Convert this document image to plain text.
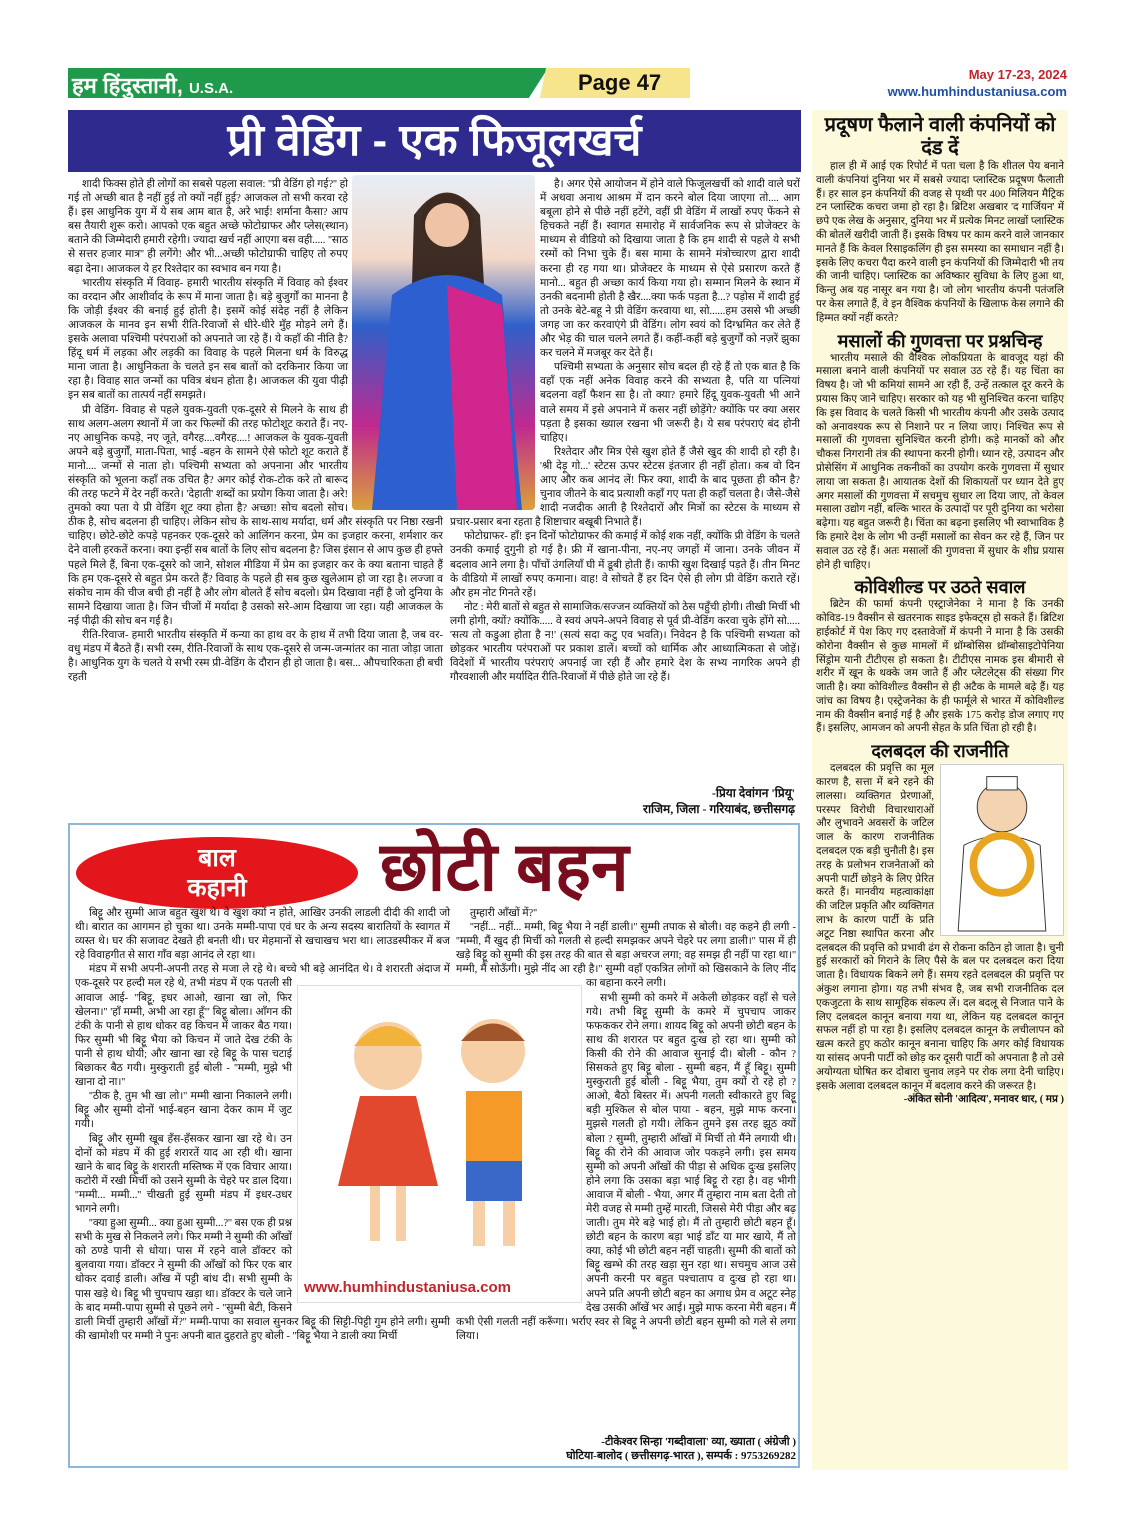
हम हिंदुस्तानी, U.S.A.	Page 47	May 17-23, 2024
www.humhindustaniusa.com
प्री वेडिंग - एक फिजूलखर्च

शादी फिक्स होते ही लोगों का सबसे पहला सवाल: ''प्री वेडिंग हो गई?'' हो गई तो अच्छी बात है नहीं हुई तो क्यों नहीं हुई? आजकल तो सभी करवा रहे हैं। इस आधुनिक युग में ये सब आम बात है, अरे भाई! शर्माना कैसा? आप बस तैयारी शुरू करो। आपको एक बहुत अच्छे फोटोग्राफर और प्लेस(स्थान) बताने की जिम्मेदारी हमारी रहेगी। ज्यादा खर्च नहीं आएगा बस वही..... ''साठ से सत्तर हजार मात्र'' ही लगेंगे! और भी...अच्छी फोटोग्राफी चाहिए तो रुपए बढ़ा देना। आजकल ये हर रिश्तेदार का स्वभाव बन गया है।

भारतीय संस्कृति में विवाह- हमारी भारतीय संस्कृति में विवाह को ईश्वर का वरदान और आशीर्वाद के रूप में माना जाता है। बड़े बुजुर्गों का मानना है कि जोड़ी ईश्वर की बनाई हुई होती है। इसमें कोई संदेह नहीं है लेकिन आजकल के मानव इन सभी रीति-रिवाजों से धीरे-धीरे मुँह मोड़ने लगे हैं। इसके अलावा पश्चिमी परंपराओं को अपनाते जा रहे हैं। ये कहाँ की नीति है? हिंदू धर्म में लड़का और लड़की का विवाह के पहले मिलना धर्म के विरुद्ध माना जाता है। आधुनिकता के चलते इन सब बातों को दरकिनार किया जा रहा है। विवाह सात जन्मों का पवित्र बंधन होता है। आजकल की युवा पीढ़ी इन सब बातों का तात्पर्य नहीं समझते।

प्री वेडिंग- विवाह से पहले युवक-युवती एक-दूसरे से मिलने के साथ ही साथ अलग-अलग स्थानों में जा कर फिल्मों की तरह फोटोशूट कराते हैं। नए-नए आधुनिक कपड़े, नए जूते, वगैरह....वगैरह....! आजकल के युवक-युवती अपने बड़े बुजुर्गों, माता-पिता, भाई -बहन के सामने ऐसे फोटो शूट कराते हैं मानो.... जन्मों से नाता हो। पश्चिमी सभ्यता को अपनाना और भारतीय संस्कृति को भूलना कहाँ तक उचित है? अगर कोई रोक-टोक करे तो बारूद की तरह फटने में देर नहीं करते। 'देहाती' शब्दों का प्रयोग किया जाता है। अरे! तुमको क्या पता ये प्री वेडिंग शूट क्या होता है? अच्छा! सोच बदलो सोच। ठीक है, सोच बदलना ही चाहिए। लेकिन सोच के साथ-साथ मर्यादा, धर्म और संस्कृति पर निष्ठा रखनी चाहिए। छोटे-छोटे कपड़े पहनकर एक-दूसरे को आलिंगन करना, प्रेम का इजहार करना, शर्मशार कर देने वाली हरकतें करना। क्या इन्हीं सब बातों के लिए सोच बदलना है? जिस इंसान से आप कुछ ही हफ्ते पहले मिले हैं, बिना एक-दूसरे को जाने, सोशल मीडिया में प्रेम का इजहार कर के क्या बताना चाहते हैं कि हम एक-दूसरे से बहुत प्रेम करते हैं? विवाह के पहले ही सब कुछ खुलेआम हो जा रहा है। लज्जा व संकोच नाम की चीज बची ही नहीं है और लोग बोलते हैं सोच बदलो। प्रेम दिखावा नहीं है जो दुनिया के सामने दिखाया जाता है। जिन चीजों में मर्यादा है उसको सरे-आम दिखाया जा रहा। यही आजकल के नई पीढ़ी की सोच बन गई है।

रीति-रिवाज- हमारी भारतीय संस्कृति में कन्या का हाथ वर के हाथ में तभी दिया जाता है, जब वर-वधु मंडप में बैठते हैं। सभी रस्म, रीति-रिवाजों के साथ एक-दूसरे से जन्म-जन्मांतर का नाता जोड़ा जाता है। आधुनिक युग के चलते ये सभी रस्म प्री-वेडिंग के दौरान ही हो जाता है। बस... औपचारिकता ही बची रहती

है। अगर ऐसे आयोजन में होने वाले फिजूलखर्ची को शादी वाले घरों में अथवा अनाथ आश्रम में दान करने बोल दिया जाएगा तो.... आग बबूला होने से पीछे नहीं हटेंगे, वहीं प्री वेडिंग में लाखों रुपए फेंकने से हिचकते नहीं हैं। स्वागत समारोह में सार्वजनिक रूप से प्रोजेक्टर के माध्यम से वीडियो को दिखाया जाता है कि हम शादी से पहले ये सभी रस्मों को निभा चुके हैं। बस मामा के सामने मंत्रोच्चारण द्वारा शादी करना ही रह गया था। प्रोजेक्टर के माध्यम से ऐसे प्रसारण करते हैं मानो... बहुत ही अच्छा कार्य किया गया हो। सम्मान मिलने के स्थान में उनकी बदनामी होती है खैर....क्या फर्क पड़ता है...? पड़ोस में शादी हुई तो उनके बेटे-बहू ने प्री वेडिंग करवाया था, सो......हम उससे भी अच्छी जगह जा कर करवाएंगे प्री वेडिंग। लोग स्वयं को दिग्भ्रमित कर लेते हैं और भेड़ की चाल चलने लगते हैं। कहीं-कहीं बड़े बुजुर्गों को नज़रें झुका कर चलने में मजबूर कर देते हैं।

पश्चिमी सभ्यता के अनुसार सोच बदल ही रहे हैं तो एक बात है कि वहाँ एक नहीं अनेक विवाह करने की सभ्यता है, पति या पत्नियां बदलना वहाँ फैशन सा है। तो क्या? हमारे हिंदू युवक-युवती भी आने वाले समय में इसे अपनाने में कसर नहीं छोड़ेंगे? क्योंकि पर क्या असर पड़ता है इसका ख्याल रखना भी जरूरी है। ये सब परंपराएं बंद होनी चाहिए।

रिश्तेदार और मित्र ऐसे खुश होते हैं जैसे खुद की शादी हो रही है। 'श्री देड़ू गो...' स्टेटस ऊपर स्टेटस इंतजार ही नहीं होता। कब वो दिन आए और कब आनंद लें! फिर क्या, शादी के बाद पूछता ही कौन है? चुनाव जीतने के बाद प्रत्याशी कहाँ गए पता ही कहाँ चलता है। जैसे-जैसे शादी नजदीक आती है रिश्तेदारों और मित्रों का स्टेटस के माध्यम से प्रचार-प्रसार बना रहता है शिष्टाचार बखूबी निभाते हैं।

फोटोग्राफर- हाँ! इन दिनों फोटोग्राफर की कमाई में कोई शक नहीं, क्योंकि प्री वेडिंग के चलते उनकी कमाई दुगुनी हो गई है। फ्री में खाना-पीना, नए-नए जगहों में जाना। उनके जीवन में बदलाव आने लगा है। पाँचों उंगलियाँ घी में डूबी होती हैं। काफी खुश दिखाई पड़ते हैं। तीन मिनट के वीडियो में लाखों रुपए कमाना। वाह! वे सोचते हैं हर दिन ऐसे ही लोग प्री वेडिंग कराते रहें। और हम नोट गिनते रहें।

नोट : मेरी बातों से बहुत से सामाजिक/सज्जन व्यक्तियों को ठेस पहुँची होगी। तीखी मिर्ची भी लगी होगी, क्यों? क्योंकि..... वे स्वयं अपने-अपने विवाह से पूर्व प्री-वेडिंग करवा चुके होंगे सो..... 'सत्य तो कडुआ होता है न!' (सत्यं सदा कटु एव भवति)। निवेदन है कि पश्चिमी सभ्यता को छोड़कर भारतीय परंपराओं पर प्रकाश डालें। बच्चों को धार्मिक और आध्यात्मिकता से जोड़ें। विदेशों में भारतीय परंपराएं अपनाई जा रही हैं और हमारे देश के सभ्य नागरिक अपने ही गौरवशाली और मर्यादित रीति-रिवाजों में पीछे होते जा रहे हैं।

-प्रिया देवांगन 'प्रियू'
राजिम, जिला - गरियाबंद, छत्तीसगढ़
बाल
कहानी	छोटी बहन
www.humhindustaniusa.com

बिट्टू और सुम्मी आज बहुत खुश थे। वे खुश क्यों न होते, आखिर उनकी लाडली दीदी की शादी जो थी। बारात का आगमन हो चुका था। उनके मम्मी-पापा एवं घर के अन्य सदस्य बारातियों के स्वागत में व्यस्त थे। घर की सजावट देखते ही बनती थी। घर मेहमानों से खचाखच भरा था। लाउडस्पीकर में बज रहे विवाहगीत से सारा गाँव बड़ा आनंद ले रहा था।

मंडप में सभी अपनी-अपनी तरह से मजा ले रहे थे। बच्चे भी बड़े आनंदित थे। वे शरारती अंदाज में एक-दूसरे पर हल्दी मल रहे थे, तभी मंडप में एक पतली सी आवाज आई- ''बिट्टू, इधर आओ, खाना खा लो, फिर खेलना।'' 'हाँ मम्मी, अभी आ रहा हूँ''' बिट्टू बोला। आँगन की टंकी के पानी से हाथ धोकर वह किचन में जाकर बैठ गया। फिर सुम्मी भी बिट्टू भैया को किचन में जाते देख टंकी के पानी से हाथ धोयी; और खाना खा रहे बिट्टू के पास चटाई बिछाकर बैठ गयी। मुस्कुराती हुई बोली - ''मम्मी, मुझे भी खाना दो ना।''

''ठीक है, तुम भी खा लो।'' मम्मी खाना निकालने लगी। बिट्टू और सुम्मी दोनों भाई-बहन खाना देकर काम में जुट गयी।

बिट्टू और सुम्मी खूब हँस-हँसकर खाना खा रहे थे। उन दोनों को मंडप में की हुई शरारतें याद आ रही थी। खाना खाने के बाद बिट्टू के शरारती मस्तिष्क में एक विचार आया। कटोरी में रखी मिर्ची को उसने सुम्मी के चेहरे पर डाल दिया। ''मम्मी... मम्मी...'' चीखती हुई सुम्मी मंडप में इधर-उधर भागने लगी।

''क्या हुआ सुम्मी... क्या हुआ सुम्मी...?'' बस एक ही प्रश्न सभी के मुख से निकलने लगे। फिर मम्मी ने सुम्मी की आँखों को ठण्डे पानी से धोया। पास में रहने वाले डॉक्टर को बुलवाया गया। डॉक्टर ने सुम्मी की आँखों को फिर एक बार धोकर दवाई डाली। आँख में पट्टी बांध दी। सभी सुम्मी के पास खड़े थे। बिट्टू भी चुपचाप खड़ा था। डॉक्टर के चले जाने के बाद मम्मी-पापा सुम्मी से पूछने लगे - ''सुम्मी बेटी, किसने डाली मिर्ची तुम्हारी आँखों में?'' मम्मी-पापा का सवाल सुनकर बिट्टू की सिट्टी-पिट्टी गुम होने लगी। सुम्मी की खामोशी पर मम्मी ने पुनः अपनी बात दुहराते हुए बोली - ''बिट्टू भैया ने डाली क्या मिर्ची

तुम्हारी आँखों में?''

''नहीं... नहीं... मम्मी, बिट्टू भैया ने नहीं डाली।'' सुम्मी तपाक से बोली। वह कहने ही लगी - ''मम्मी, मैं खुद ही मिर्ची को गलती से हल्दी समझकर अपने चेहरे पर लगा डाली।'' पास में ही खड़े बिट्टू को सुम्मी की इस तरह की बात से बड़ा अचरज लगा; वह समझ ही नहीं पा रहा था।'' मम्मी, मैं सोऊँगी। मुझे नींद आ रही है।'' सुम्मी वहाँ एकत्रित लोगों को खिसकाने के लिए नींद का बहाना करने लगी।

सभी सुम्मी को कमरे में अकेली छोड़कर वहाँ से चले गये। तभी बिट्टू सुम्मी के कमरे में चुपचाप जाकर फफककर रोने लगा। शायद बिट्टू को अपनी छोटी बहन के साथ की शरारत पर बहुत दुःख हो रहा था। सुम्मी को किसी की रोने की आवाज सुनाई दी। बोली - कौन ? सिसकते हुए बिट्टू बोला - सुम्मी बहन, मैं हूँ बिट्टू। सुम्मी मुस्कुराती हुई बोली - बिट्टू भैया, तुम क्यों रो रहे हो ? आओ, बैठो बिस्तर में। अपनी गलती स्वीकारते हुए बिट्टू बड़ी मुश्किल से बोल पाया - बहन, मुझे माफ करना। मुझसे गलती हो गयी। लेकिन तुमने इस तरह झूठ क्यों बोला ? सुम्मी, तुम्हारी आँखों में मिर्ची तो मैंने लगायी थी। बिट्टू की रोने की आवाज जोर पकड़ने लगी। इस समय सुम्मी को अपनी आँखों की पीड़ा से अधिक दुःख इसलिए होने लगा कि उसका बड़ा भाई बिट्टू रो रहा है। वह भीगी आवाज में बोली - भैया, अगर मैं तुम्हारा नाम बता देती तो मेरी वजह से मम्मी तुम्हें मारती, जिससे मेरी पीड़ा और बढ़ जाती। तुम मेरे बड़े भाई हो। मैं तो तुम्हारी छोटी बहन हूँ। छोटी बहन के कारण बड़ा भाई डाँट या मार खाये, मैं तो क्या, कोई भी छोटी बहन नहीं चाहती। सुम्मी की बातों को बिट्टू खम्भे की तरह खड़ा सुन रहा था। सचमुच आज उसे अपनी करनी पर बहुत पश्चाताप व दुःख हो रहा था। अपने प्रति अपनी छोटी बहन का अगाध प्रेम व अटूट स्नेह देख उसकी आँखें भर आई। मुझे माफ करना मेरी बहन। मैं कभी ऐसी गलती नहीं करूँगा। भर्राए स्वर से बिट्टू ने अपनी छोटी बहन सुम्मी को गले से लगा लिया।

-टीकेश्वर सिन्हा 'गब्दीवाला' व्या, ख्याता ( अंग्रेजी )
घोटिया-बालोद ( छत्तीसगढ़-भारत ), सम्पर्क : 9753269282
प्रदूषण फैलाने वाली कंपनियों को दंड दें

हाल ही में आई एक रिपोर्ट में पता चला है कि शीतल पेय बनाने वाली कंपनियां दुनिया भर में सबसे ज्यादा प्लास्टिक प्रदूषण फैलाती हैं। हर साल इन कंपनियों की वजह से पृथ्वी पर 400 मिलियन मैट्रिक टन प्लास्टिक कचरा जमा हो रहा है। ब्रिटिश अखबार 'द गार्जियन' में छपे एक लेख के अनुसार, दुनिया भर में प्रत्येक मिनट लाखों प्लास्टिक की बोतलें खरीदी जाती हैं। इसके विषय पर काम करने वाले जानकार मानते हैं कि केवल रिसाइकलिंग ही इस समस्या का समाधान नहीं है। इसके लिए कचरा पैदा करने वाली इन कंपनियों की जिम्मेदारी भी तय की जानी चाहिए। प्लास्टिक का अविष्कार सुविधा के लिए हुआ था, किन्तु अब यह नासूर बन गया है। जो लोग भारतीय कंपनी पतंजलि पर केस लगाते हैं, वे इन वैश्विक कंपनियों के खिलाफ केस लगाने की हिम्मत क्यों नहीं करते?

मसालों की गुणवत्ता पर प्रश्नचिन्ह

भारतीय मसाले की वैश्विक लोकप्रियता के बावजूद यहां की मसाला बनाने वाली कंपनियों पर सवाल उठ रहे हैं। यह चिंता का विषय है। जो भी कमियां सामने आ रही हैं, उन्हें तत्काल दूर करने के प्रयास किए जाने चाहिए। सरकार को यह भी सुनिश्चित करना चाहिए कि इस विवाद के चलते किसी भी भारतीय कंपनी और उसके उत्पाद को अनावश्यक रूप से निशाने पर न लिया जाए। निश्चित रूप से मसालों की गुणवत्ता सुनिश्चित करनी होगी। कड़े मानकों को और चौकस निगरानी तंत्र की स्थापना करनी होगी। ध्यान रहे, उत्पादन और प्रोसेसिंग में आधुनिक तकनीकों का उपयोग करके गुणवत्ता में सुधार लाया जा सकता है। आयातक देशों की शिकायतों पर ध्यान देते हुए अगर मसालों की गुणवत्ता में सचमुच सुधार ला दिया जाए, तो केवल मसाला उद्योग नहीं, बल्कि भारत के उत्पादों पर पूरी दुनिया का भरोसा बढ़ेगा। यह बहुत जरूरी है। चिंता का बढ़ना इसलिए भी स्वाभाविक है कि हमारे देश के लोग भी उन्हीं मसालों का सेवन कर रहे हैं, जिन पर सवाल उठ रहे हैं। अतः मसालों की गुणवत्ता में सुधार के शीघ्र प्रयास होने ही चाहिए।

कोविशील्ड पर उठते सवाल

ब्रिटेन की फार्मा कंपनी एस्ट्राजेनेका ने माना है कि उनकी कोविड-19 वैक्सीन से खतरनाक साइड इफेक्ट्स हो सकते हैं। ब्रिटिश हाईकोर्ट में पेश किए गए दस्तावेजों में कंपनी ने माना है कि उसकी कोरोना वैक्सीन से कुछ मामलों में थ्रॉम्बोसिस थ्रॉम्बोसाइटोपेनिया सिंड्रोम यानी टीटीएस हो सकता है। टीटीएस नामक इस बीमारी से शरीर में खून के थक्के जम जाते हैं और प्लेटलेट्स की संख्या गिर जाती है। क्या कोविशील्ड वैक्सीन से ही अटैक के मामले बढ़े हैं। यह जांच का विषय है। एस्ट्रेजनेका के ही फार्मूले से भारत में कोविशील्ड नाम की वैक्सीन बनाई गई है और इसके 175 करोड़ डोज लगाए गए हैं। इसलिए, आमजन को अपनी सेहत के प्रति चिंता हो रही है।

दलबदल की राजनीति

दलबदल की प्रवृत्ति का मूल कारण है, सत्ता में बने रहने की लालसा। व्यक्तिगत प्रेरणाओं, परस्पर विरोधी विचारधाराओं और लुभावने अवसरों के जटिल जाल के कारण राजनीतिक दलबदल एक बड़ी चुनौती है। इस तरह के प्रलोभन राजनेताओं को अपनी पार्टी छोड़ने के लिए प्रेरित करते हैं। मानवीय महत्वाकांक्षा की जटिल प्रकृति और व्यक्तिगत लाभ के कारण पार्टी के प्रति अटूट निष्ठा स्थापित करना और दलबदल की प्रवृत्ति को प्रभावी ढंग से रोकना कठिन हो जाता है। चुनी हुई सरकारों को गिराने के लिए पैसे के बल पर दलबदल करा दिया जाता है। विधायक बिकने लगे हैं। समय रहते दलबदल की प्रवृत्ति पर अंकुश लगाना होगा। यह तभी संभव है, जब सभी राजनीतिक दल एकजुटता के साथ सामूहिक संकल्प लें। दल बदलू से निजात पाने के लिए दलबदल कानून बनाया गया था, लेकिन यह दलबदल कानून सफल नहीं हो पा रहा है। इसलिए दलबदल कानून के लचीलापन को खत्म करते हुए कठोर कानून बनाना चाहिए कि अगर कोई विधायक या सांसद अपनी पार्टी को छोड़ कर दूसरी पार्टी को अपनाता है तो उसे अयोग्यता घोषित कर दोबारा चुनाव लड़ने पर रोक लगा देनी चाहिए। इसके अलावा दलबदल कानून में बदलाव करने की जरूरत है।

-अंकित सोनी 'आदित्य', मनावर धार, ( मप्र )
